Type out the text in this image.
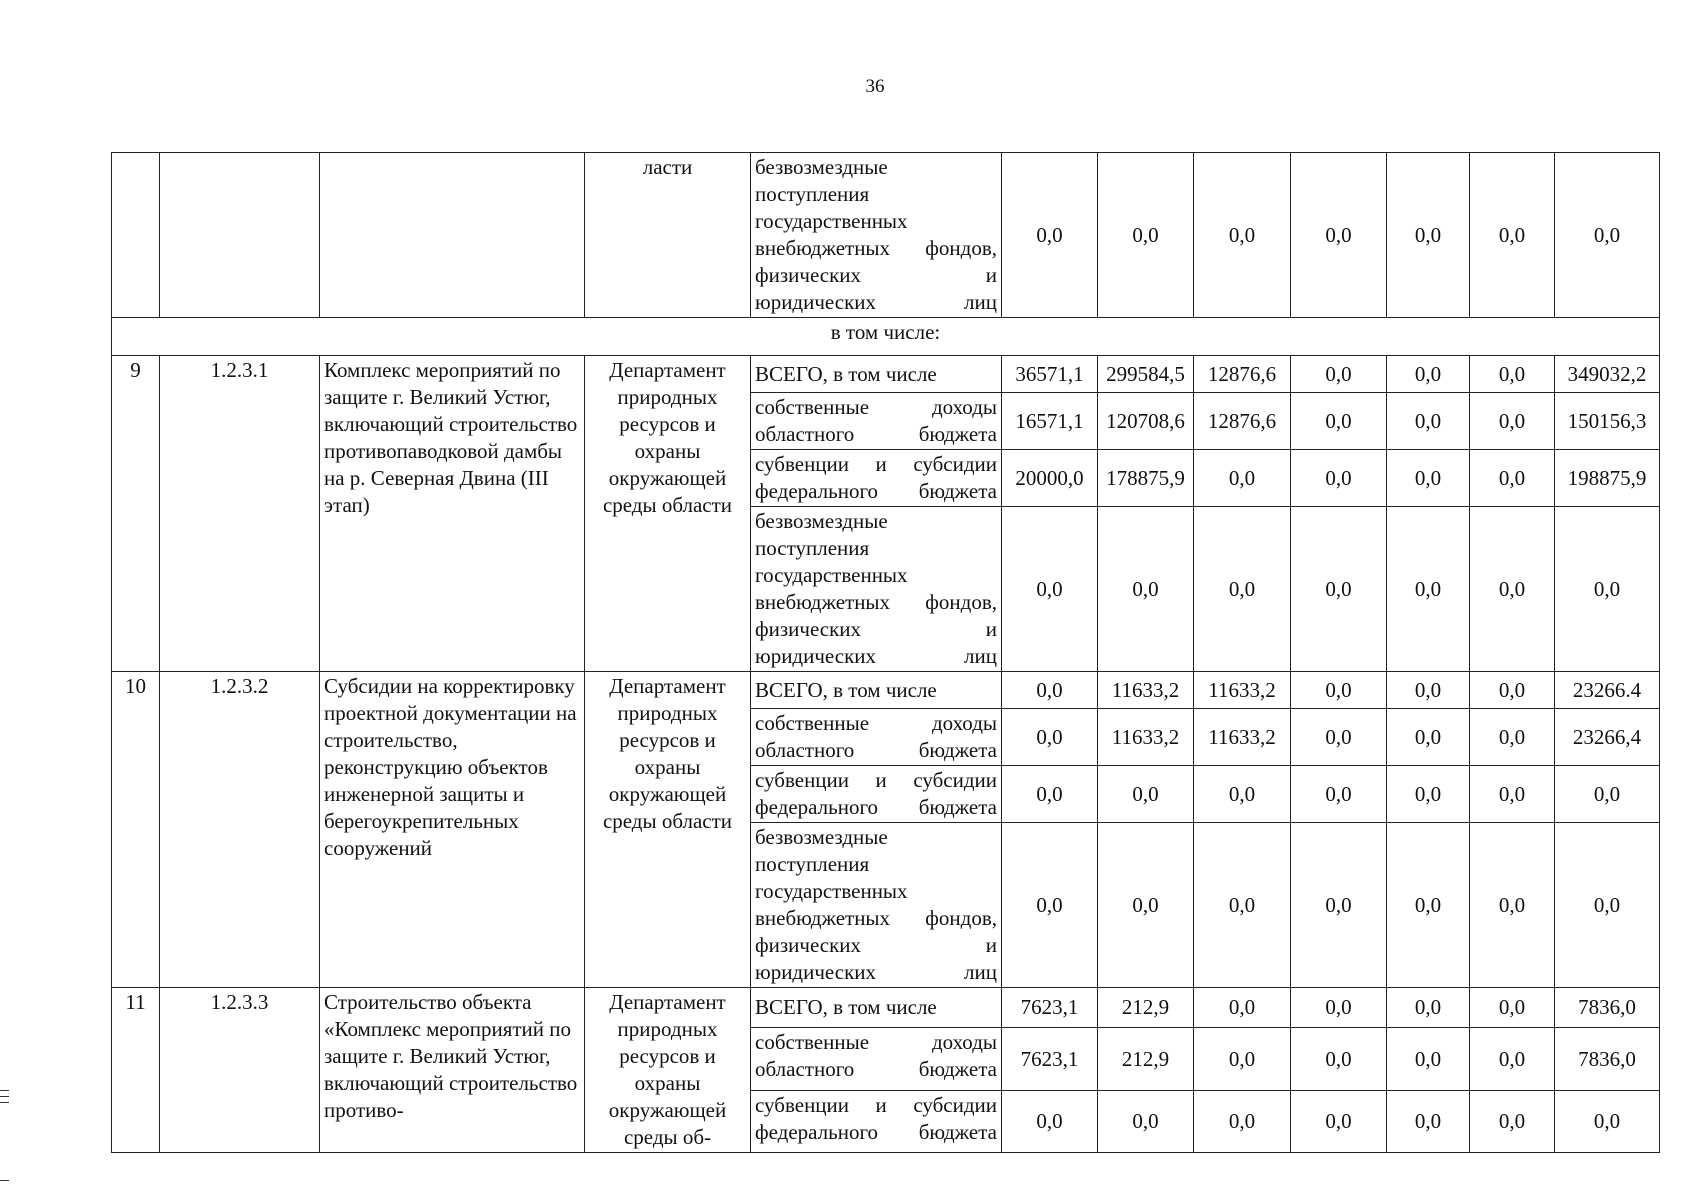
36
			ласти	безвозмездные поступления государственных внебюджетных фондов, физических и юридических лиц	0,0	0,0	0,0	0,0	0,0	0,0	0,0
в том числе:											
9	1.2.3.1	Комплекс мероприятий по защите г. Великий Устюг, включающий строительство противопаводковой дамбы на р. Северная Двина (III этап)	Департамент природных ресурсов и охраны окружающей среды области	ВСЕГО, в том числе	36571,1	299584,5	12876,6	0,0	0,0	0,0	349032,2
				собственные доходы областного бюджета	16571,1	120708,6	12876,6	0,0	0,0	0,0	150156,3
				субвенции и субсидии федерального бюджета	20000,0	178875,9	0,0	0,0	0,0	0,0	198875,9
				безвозмездные поступления государственных внебюджетных фондов, физических и юридических лиц	0,0	0,0	0,0	0,0	0,0	0,0	0,0
10	1.2.3.2	Субсидии на корректировку проектной документации на строительство, реконструкцию объектов инженерной защиты и берегоукрепительных сооружений	Департамент природных ресурсов и охраны окружающей среды области	ВСЕГО, в том числе	0,0	11633,2	11633,2	0,0	0,0	0,0	23266.4
				собственные доходы областного бюджета	0,0	11633,2	11633,2	0,0	0,0	0,0	23266,4
				субвенции и субсидии федерального бюджета	0,0	0,0	0,0	0,0	0,0	0,0	0,0
				безвозмездные поступления государственных внебюджетных фондов, физических и юридических лиц	0,0	0,0	0,0	0,0	0,0	0,0	0,0
11	1.2.3.3	Строительство объекта «Комплекс мероприятий по защите г. Великий Устюг, включающий строительство противо-	Департамент природных ресурсов и охраны окружающей среды об-	ВСЕГО, в том числе	7623,1	212,9	0,0	0,0	0,0	0,0	7836,0
				собственные доходы областного бюджета	7623,1	212,9	0,0	0,0	0,0	0,0	7836,0
				субвенции и субсидии федерального бюджета	0,0	0,0	0,0	0,0	0,0	0,0	0,0
